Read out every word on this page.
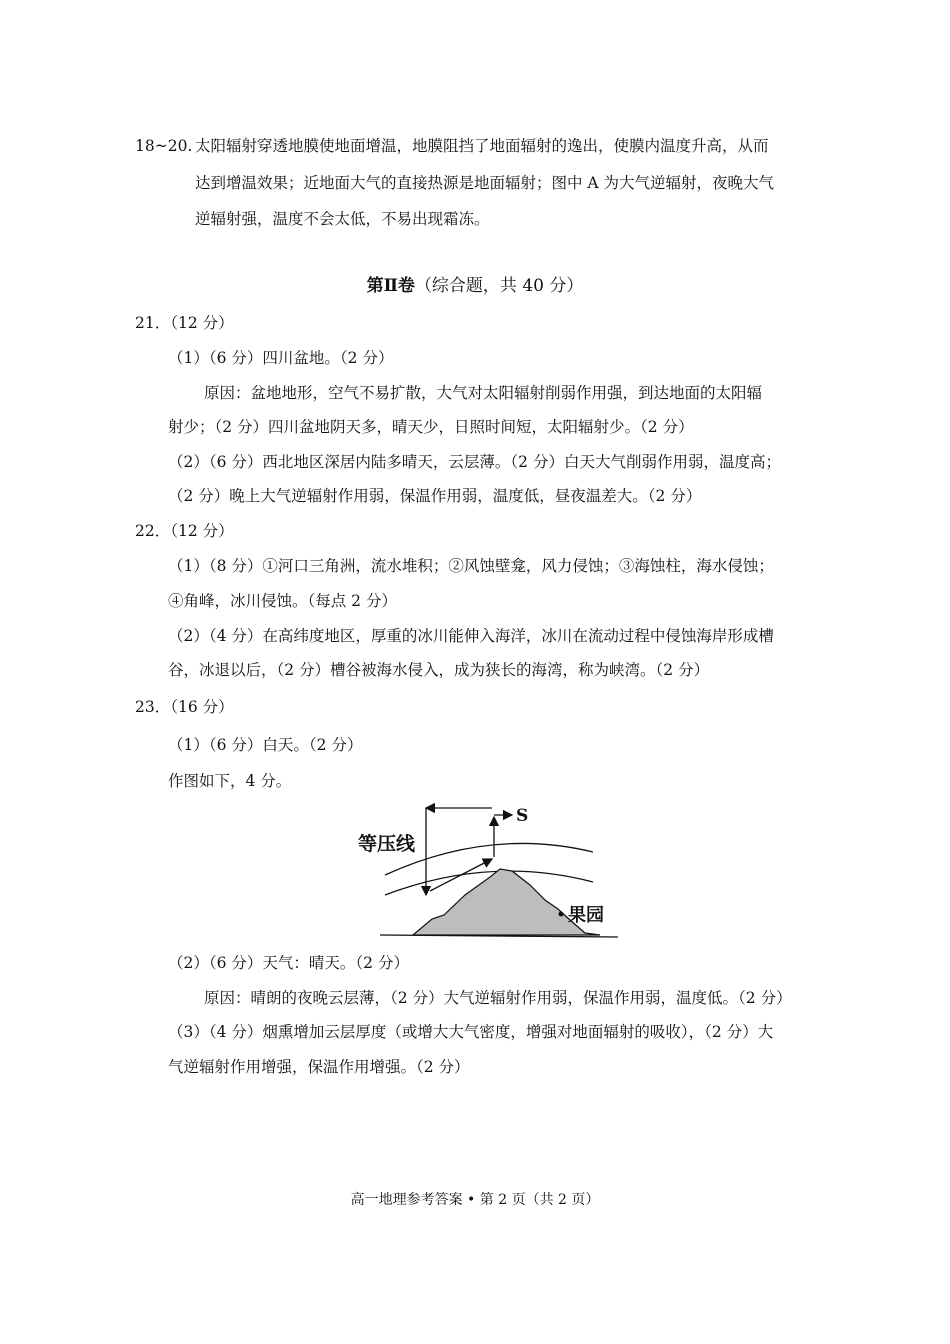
18~20. 太阳辐射穿透地膜使地面增温，地膜阻挡了地面辐射的逸出，使膜内温度升高，从而
达到增温效果；近地面大气的直接热源是地面辐射；图中 A 为大气逆辐射，夜晚大气
逆辐射强，温度不会太低，不易出现霜冻。
第Ⅱ卷（综合题，共 40 分）
21．（12 分）
（1）（6 分）四川盆地。（2 分）
原因：盆地地形，空气不易扩散，大气对太阳辐射削弱作用强，到达地面的太阳辐
射少；（2 分）四川盆地阴天多，晴天少，日照时间短，太阳辐射少。（2 分）
（2）（6 分）西北地区深居内陆多晴天，云层薄。（2 分）白天大气削弱作用弱，温度高；
（2 分）晚上大气逆辐射作用弱，保温作用弱，温度低，昼夜温差大。（2 分）
22．（12 分）
（1）（8 分）①河口三角洲，流水堆积；②风蚀壁龛，风力侵蚀；③海蚀柱，海水侵蚀；
④角峰，冰川侵蚀。（每点 2 分）
（2）（4 分）在高纬度地区，厚重的冰川能伸入海洋，冰川在流动过程中侵蚀海岸形成槽
谷，冰退以后，（2 分）槽谷被海水侵入，成为狭长的海湾，称为峡湾。（2 分）
23．（16 分）
（1）（6 分）白天。（2 分）
作图如下，4 分。
S
等压线
果园
（2）（6 分）天气：晴天。（2 分）
原因：晴朗的夜晚云层薄，（2 分）大气逆辐射作用弱，保温作用弱，温度低。（2 分）
（3）（4 分）烟熏增加云层厚度（或增大大气密度，增强对地面辐射的吸收），（2 分）大
气逆辐射作用增强，保温作用增强。（2 分）
高一地理参考答案 • 第 2 页（共 2 页）
